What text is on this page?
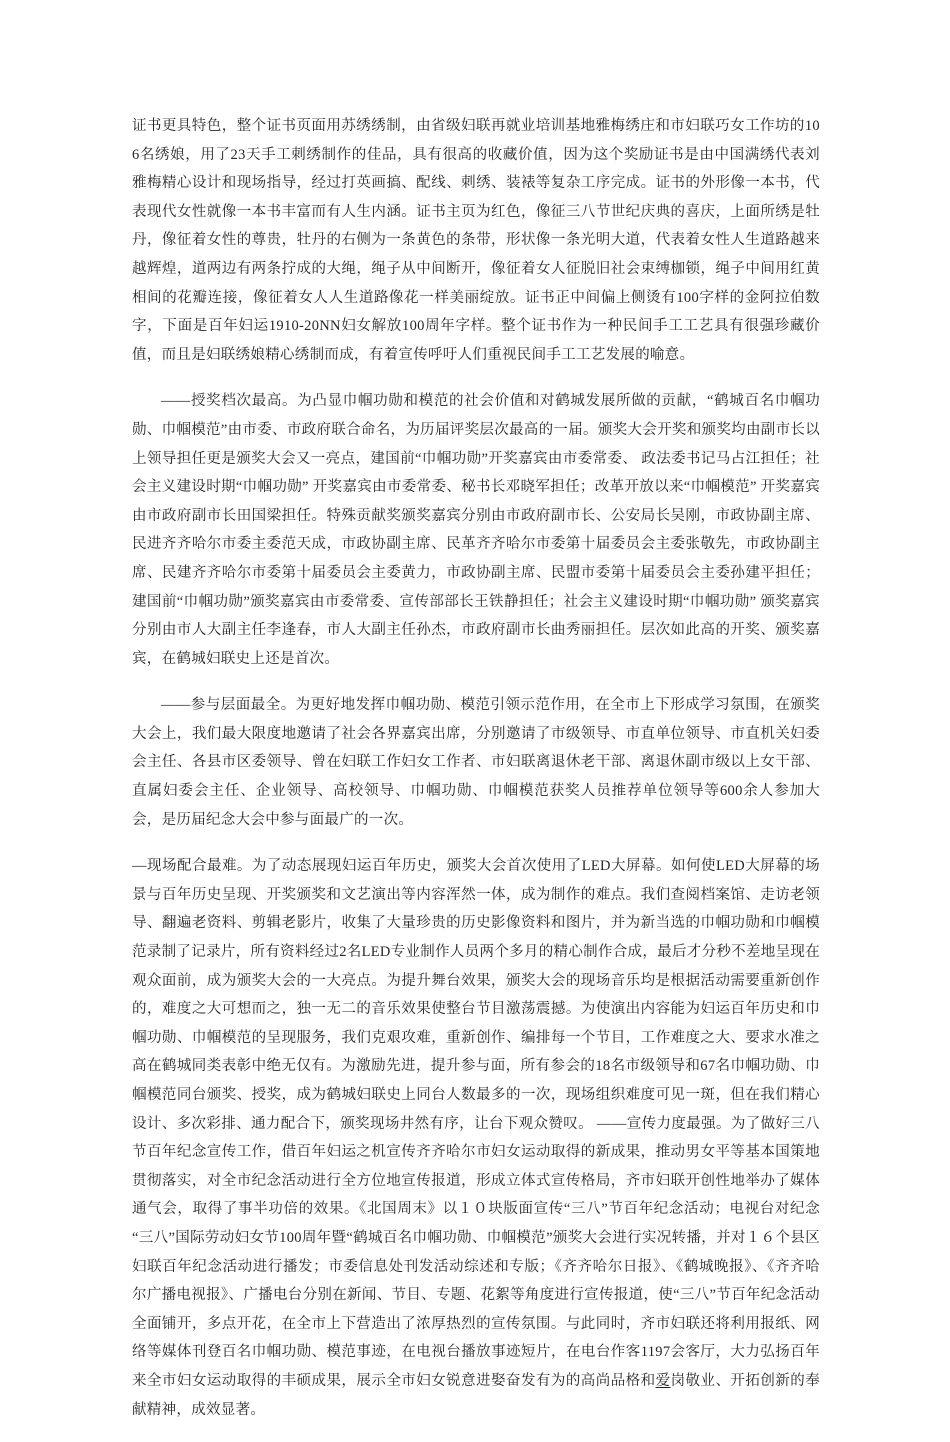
证书更具特色，整个证书页面用苏绣绣制，由省级妇联再就业培训基地雅梅绣庄和市妇联巧女工作坊的106名绣娘，用了23天手工刺绣制作的佳品，具有很高的收藏价值，因为这个奖励证书是由中国满绣代表刘雅梅精心设计和现场指导，经过打英画搞、配线、刺绣、装裱等复杂工序完成。证书的外形像一本书，代表现代女性就像一本书丰富而有人生内涵。证书主页为红色，像征三八节世纪庆典的喜庆，上面所绣是牡丹，像征着女性的尊贵，牡丹的右侧为一条黄色的条带，形状像一条光明大道，代表着女性人生道路越来越辉煌，道两边有两条拧成的大绳，绳子从中间断开，像征着女人征脱旧社会束缚枷锁，绳子中间用红黄相间的花瓣连接，像征着女人人生道路像花一样美丽绽放。证书正中间偏上侧烫有100字样的金阿拉伯数字，下面是百年妇运1910-20NN妇女解放100周年字样。整个证书作为一种民间手工工艺具有很强珍藏价值，而且是妇联绣娘精心绣制而成，有着宣传呼吁人们重视民间手工工艺发展的喻意。

——授奖档次最高。为凸显巾帼功勋和模范的社会价值和对鹤城发展所做的贡献，“鹤城百名巾帼功勋、巾帼模范”由市委、市政府联合命名，为历届评奖层次最高的一届。颁奖大会开奖和颁奖均由副市长以上领导担任更是颁奖大会又一亮点，建国前“巾帼功勋”开奖嘉宾由市委常委、 政法委书记马占江担任；社会主义建设时期“巾帼功勋” 开奖嘉宾由市委常委、秘书长邓晓军担任；改革开放以来“巾帼模范” 开奖嘉宾由市政府副市长田国梁担任。特殊贡献奖颁奖嘉宾分别由市政府副市长、公安局长吴刚，市政协副主席、民进齐齐哈尔市委主委范天成，市政协副主席、民革齐齐哈尔市委第十届委员会主委张敬先，市政协副主席、民建齐齐哈尔市委第十届委员会主委黄力，市政协副主席、民盟市委第十届委员会主委孙建平担任；建国前“巾帼功勋”颁奖嘉宾由市委常委、宣传部部长王铁静担任；社会主义建设时期“巾帼功勋” 颁奖嘉宾分别由市人大副主任李逢春，市人大副主任孙杰，市政府副市长曲秀丽担任。层次如此高的开奖、颁奖嘉宾，在鹤城妇联史上还是首次。

——参与层面最全。为更好地发挥巾帼功勋、模范引领示范作用，在全市上下形成学习氛围，在颁奖大会上，我们最大限度地邀请了社会各界嘉宾出席，分别邀请了市级领导、市直单位领导、市直机关妇委会主任、各县市区委领导、曾在妇联工作妇女工作者、市妇联离退休老干部、离退休副市级以上女干部、直属妇委会主任、企业领导、高校领导、巾帼功勋、巾帼模范获奖人员推荐单位领导等600余人参加大会，是历届纪念大会中参与面最广的一次。

—现场配合最难。为了动态展现妇运百年历史，颁奖大会首次使用了LED大屏幕。如何使LED大屏幕的场景与百年历史呈现、开奖颁奖和文艺演出等内容浑然一体，成为制作的难点。我们查阅档案馆、走访老领导、翻遍老资料、剪辑老影片，收集了大量珍贵的历史影像资料和图片，并为新当选的巾帼功勋和巾帼模范录制了记录片，所有资料经过2名LED专业制作人员两个多月的精心制作合成，最后才分秒不差地呈现在观众面前，成为颁奖大会的一大亮点。为提升舞台效果，颁奖大会的现场音乐均是根据活动需要重新创作的，难度之大可想而之，独一无二的音乐效果使整台节目激荡震撼。为使演出内容能为妇运百年历史和巾帼功勋、巾帼模范的呈现服务，我们克艰攻难，重新创作、编排每一个节目，工作难度之大、要求水准之高在鹤城同类表彰中绝无仅有。为激励先进，提升参与面，所有参会的18名市级领导和67名巾帼功勋、巾帼模范同台颁奖、授奖，成为鹤城妇联史上同台人数最多的一次，现场组织难度可见一斑，但在我们精心设计、多次彩排、通力配合下，颁奖现场井然有序，让台下观众赞叹。 ——宣传力度最强。为了做好三八节百年纪念宣传工作，借百年妇运之机宣传齐齐哈尔市妇女运动取得的新成果，推动男女平等基本国策地贯彻落实，对全市纪念活动进行全方位地宣传报道，形成立体式宣传格局，齐市妇联开创性地举办了媒体通气会，取得了事半功倍的效果。《北国周末》以１０块版面宣传“三八”节百年纪念活动；电视台对纪念“三八”国际劳动妇女节100周年暨“鹤城百名巾帼功勋、巾帼模范”颁奖大会进行实况转播，并对１６个县区妇联百年纪念活动进行播发；市委信息处刊发活动综述和专版；《齐齐哈尔日报》、《鹤城晚报》、《齐齐哈尔广播电视报》、广播电台分别在新闻、节目、专题、花絮等角度进行宣传报道，使“三八”节百年纪念活动全面铺开，多点开花，在全市上下营造出了浓厚热烈的宣传氛围。与此同时，齐市妇联还将利用报纸、网络等媒体刊登百名巾帼功勋、模范事迹，在电视台播放事迹短片，在电台作客1197会客厅，大力弘扬百年来全市妇女运动取得的丰硕成果，展示全市妇女锐意进娶奋发有为的高尚品格和爱岗敬业、开拓创新的奉献精神，成效显著。
